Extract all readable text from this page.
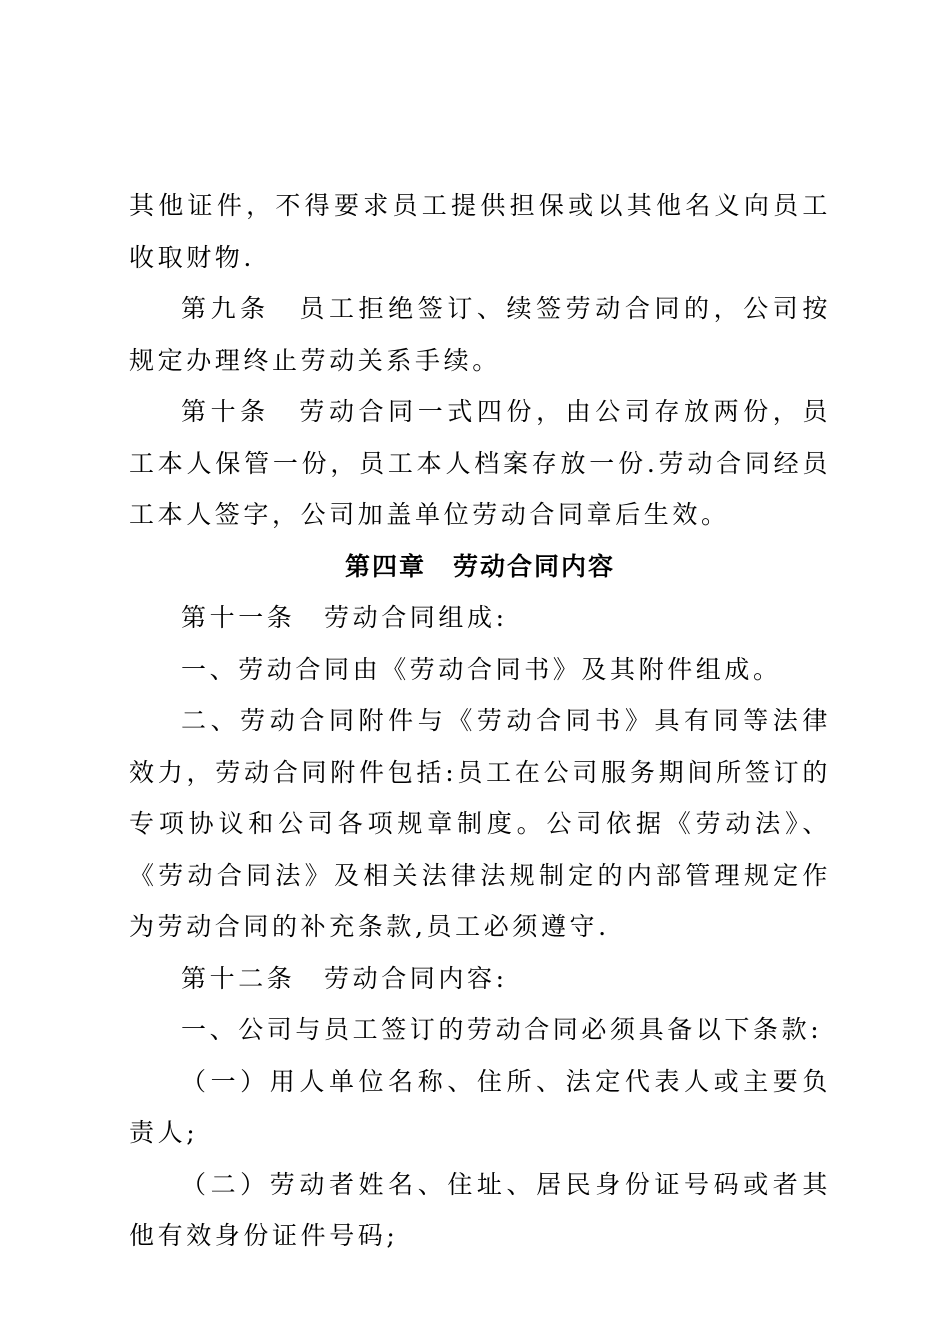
其他证件，不得要求员工提供担保或以其他名义向员工收取财物.

第九条　员工拒绝签订、续签劳动合同的，公司按规定办理终止劳动关系手续。

第十条　劳动合同一式四份，由公司存放两份，员工本人保管一份，员工本人档案存放一份.劳动合同经员工本人签字，公司加盖单位劳动合同章后生效。

第四章　劳动合同内容

第十一条　劳动合同组成:

一、劳动合同由《劳动合同书》及其附件组成。

二、劳动合同附件与《劳动合同书》具有同等法律效力，劳动合同附件包括:员工在公司服务期间所签订的专项协议和公司各项规章制度。公司依据《劳动法》、《劳动合同法》及相关法律法规制定的内部管理规定作为劳动合同的补充条款,员工必须遵守.

第十二条　劳动合同内容:

一、公司与员工签订的劳动合同必须具备以下条款:

（一）用人单位名称、住所、法定代表人或主要负责人;

（二）劳动者姓名、住址、居民身份证号码或者其他有效身份证件号码;
